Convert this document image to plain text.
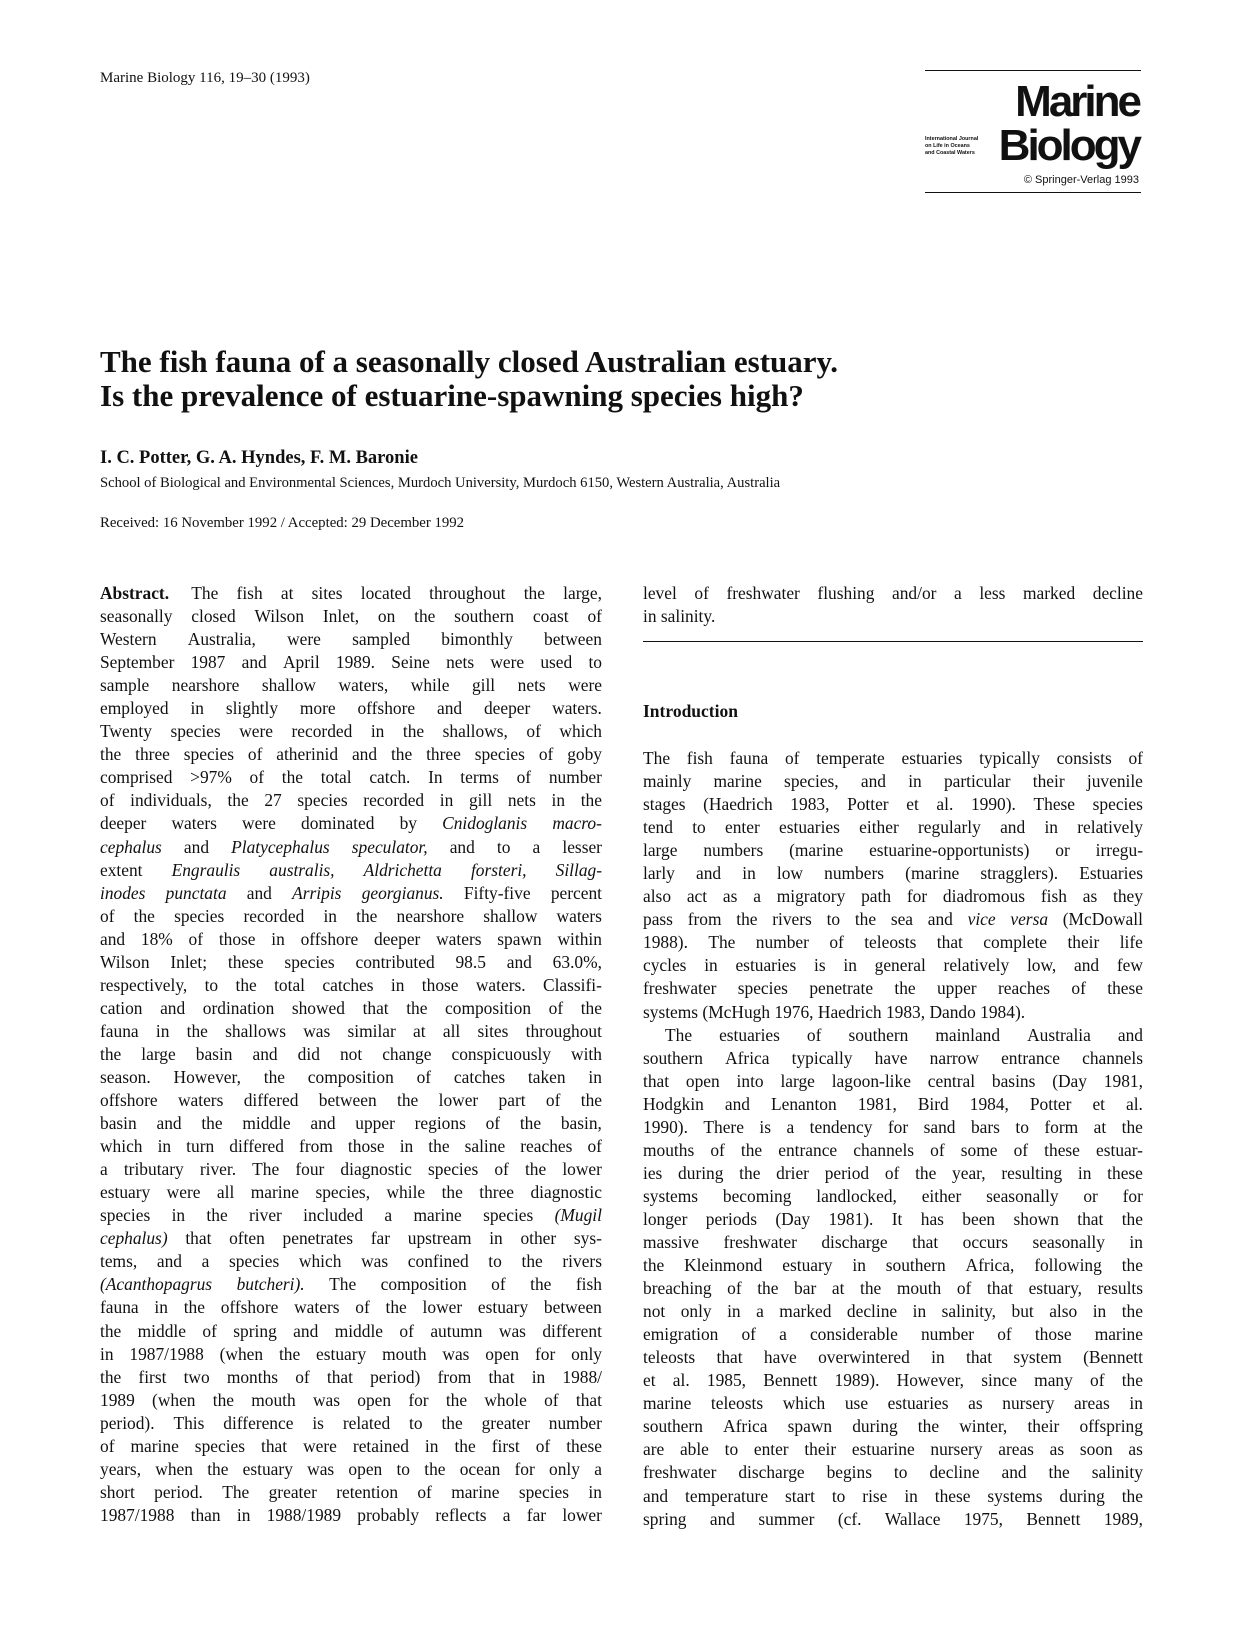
Marine Biology 116, 19–30 (1993)	Marine
International Journal
on Life in Oceans
and Coastal Waters Biology
© Springer-Verlag 1993
The fish fauna of a seasonally closed Australian estuary.
Is the prevalence of estuarine-spawning species high?
I. C. Potter, G. A. Hyndes, F. M. Baronie
School of Biological and Environmental Sciences, Murdoch University, Murdoch 6150, Western Australia, Australia
Received: 16 November 1992 / Accepted: 29 December 1992
Abstract. The fish at sites located throughout the large,
seasonally closed Wilson Inlet, on the southern coast of
Western Australia, were sampled bimonthly between
September 1987 and April 1989. Seine nets were used to
sample nearshore shallow waters, while gill nets were
employed in slightly more offshore and deeper waters.
Twenty species were recorded in the shallows, of which
the three species of atherinid and the three species of goby
comprised >97% of the total catch. In terms of number
of individuals, the 27 species recorded in gill nets in the
deeper waters were dominated by Cnidoglanis macro-
cephalus and Platycephalus speculator, and to a lesser
extent Engraulis australis, Aldrichetta forsteri, Sillag-
inodes punctata and Arripis georgianus. Fifty-five percent
of the species recorded in the nearshore shallow waters
and 18% of those in offshore deeper waters spawn within
Wilson Inlet; these species contributed 98.5 and 63.0%,
respectively, to the total catches in those waters. Classifi-
cation and ordination showed that the composition of the
fauna in the shallows was similar at all sites throughout
the large basin and did not change conspicuously with
season. However, the composition of catches taken in
offshore waters differed between the lower part of the
basin and the middle and upper regions of the basin,
which in turn differed from those in the saline reaches of
a tributary river. The four diagnostic species of the lower
estuary were all marine species, while the three diagnostic
species in the river included a marine species (Mugil
cephalus) that often penetrates far upstream in other sys-
tems, and a species which was confined to the rivers
(Acanthopagrus butcheri). The composition of the fish
fauna in the offshore waters of the lower estuary between
the middle of spring and middle of autumn was different
in 1987/1988 (when the estuary mouth was open for only
the first two months of that period) from that in 1988/
1989 (when the mouth was open for the whole of that
period). This difference is related to the greater number
of marine species that were retained in the first of these
years, when the estuary was open to the ocean for only a
short period. The greater retention of marine species in
1987/1988 than in 1988/1989 probably reflects a far lower
level of freshwater flushing and/or a less marked decline
in salinity.
Introduction
The fish fauna of temperate estuaries typically consists of
mainly marine species, and in particular their juvenile
stages (Haedrich 1983, Potter et al. 1990). These species
tend to enter estuaries either regularly and in relatively
large numbers (marine estuarine-opportunists) or irregu-
larly and in low numbers (marine stragglers). Estuaries
also act as a migratory path for diadromous fish as they
pass from the rivers to the sea and vice versa (McDowall
1988). The number of teleosts that complete their life
cycles in estuaries is in general relatively low, and few
freshwater species penetrate the upper reaches of these
systems (McHugh 1976, Haedrich 1983, Dando 1984).
The estuaries of southern mainland Australia and
southern Africa typically have narrow entrance channels
that open into large lagoon-like central basins (Day 1981,
Hodgkin and Lenanton 1981, Bird 1984, Potter et al.
1990). There is a tendency for sand bars to form at the
mouths of the entrance channels of some of these estuar-
ies during the drier period of the year, resulting in these
systems becoming landlocked, either seasonally or for
longer periods (Day 1981). It has been shown that the
massive freshwater discharge that occurs seasonally in
the Kleinmond estuary in southern Africa, following the
breaching of the bar at the mouth of that estuary, results
not only in a marked decline in salinity, but also in the
emigration of a considerable number of those marine
teleosts that have overwintered in that system (Bennett
et al. 1985, Bennett 1989). However, since many of the
marine teleosts which use estuaries as nursery areas in
southern Africa spawn during the winter, their offspring
are able to enter their estuarine nursery areas as soon as
freshwater discharge begins to decline and the salinity
and temperature start to rise in these systems during the
spring and summer (cf. Wallace 1975, Bennett 1989,
